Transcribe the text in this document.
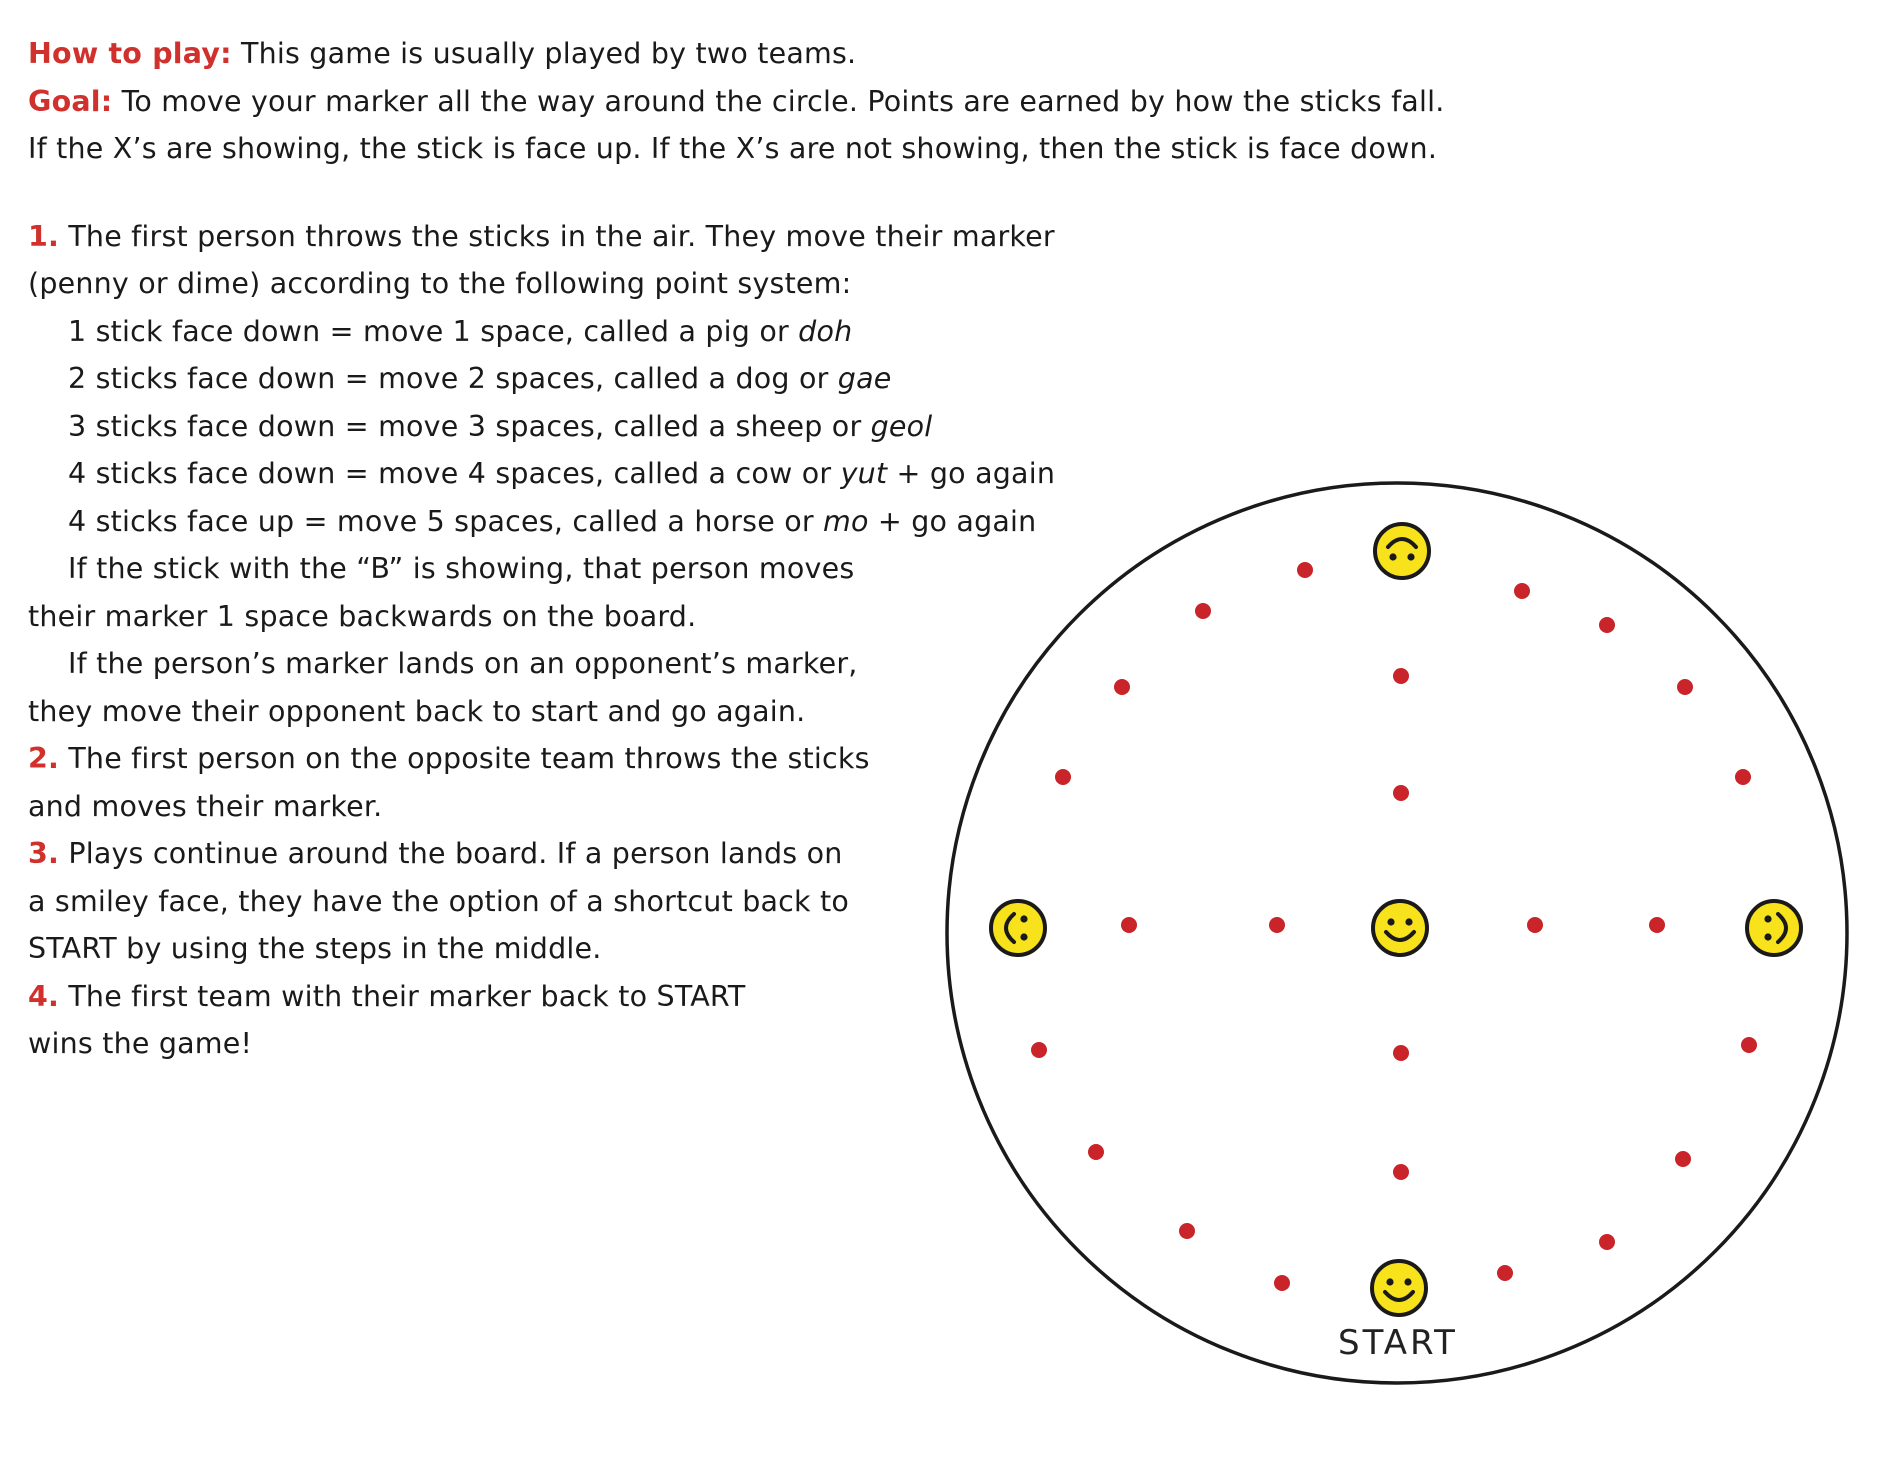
How to play: This game is usually played by two teams.
Goal: To move your marker all the way around the circle. Points are earned by how the sticks fall.
If the X’s are showing, the stick is face up. If the X’s are not showing, then the stick is face down.
1. The first person throws the sticks in the air. They move their marker
(penny or dime) according to the following point system:
1 stick face down = move 1 space, called a pig or doh
2 sticks face down = move 2 spaces, called a dog or gae
3 sticks face down = move 3 spaces, called a sheep or geol
4 sticks face down = move 4 spaces, called a cow or yut + go again
4 sticks face up = move 5 spaces, called a horse or mo + go again
If the stick with the “B” is showing, that person moves
their marker 1 space backwards on the board.
If the person’s marker lands on an opponent’s marker,
they move their opponent back to start and go again.
2. The first person on the opposite team throws the sticks
and moves their marker.
3. Plays continue around the board. If a person lands on
a smiley face, they have the option of a shortcut back to
START by using the steps in the middle.
4. The first team with their marker back to START
wins the game!
START
